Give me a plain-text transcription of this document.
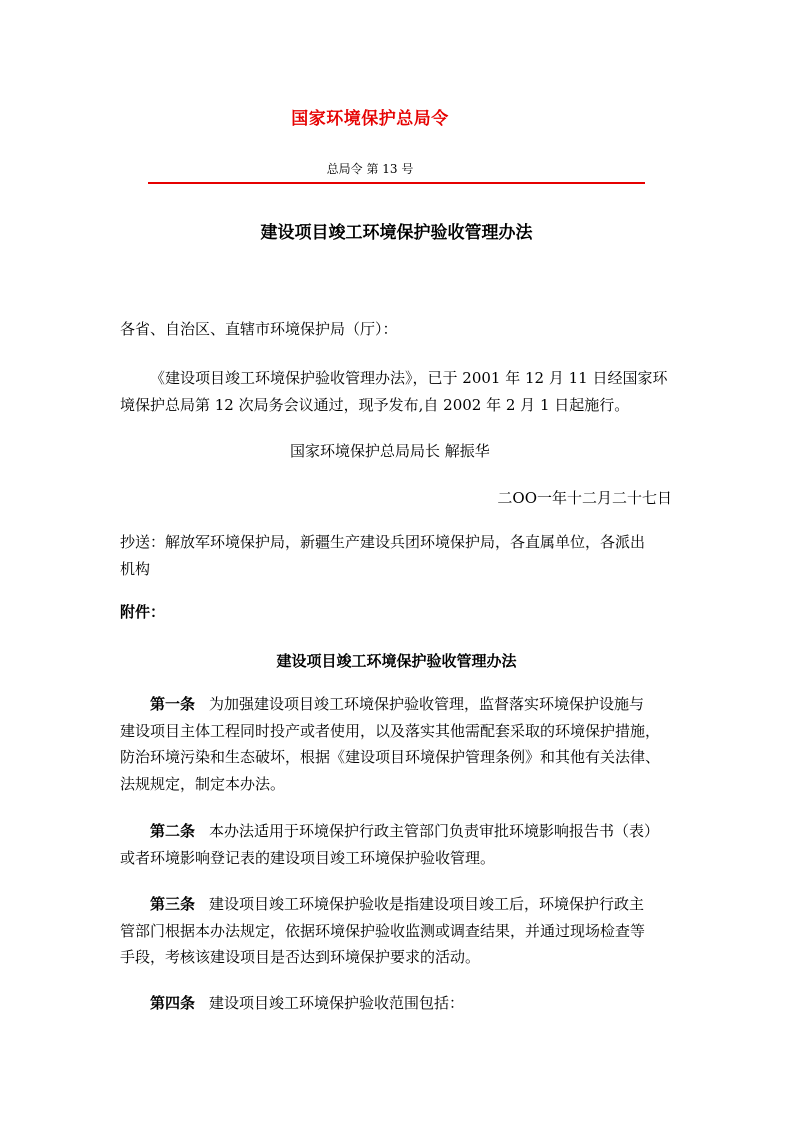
国家环境保护总局令
总局令 第 13 号
建设项目竣工环境保护验收管理办法
各省、自治区、直辖市环境保护局（厅）：
《建设项目竣工环境保护验收管理办法》，已于 2001 年 12 月 11 日经国家环
境保护总局第 12 次局务会议通过，现予发布,自 2002 年 2 月 1 日起施行。
国家环境保护总局局长 解振华
二OO一年十二月二十七日
抄送：解放军环境保护局，新疆生产建设兵团环境保护局，各直属单位，各派出
机构
附件：
建设项目竣工环境保护验收管理办法
第一条 为加强建设项目竣工环境保护验收管理，监督落实环境保护设施与
建设项目主体工程同时投产或者使用，以及落实其他需配套采取的环境保护措施，
防治环境污染和生态破坏，根据《建设项目环境保护管理条例》和其他有关法律、
法规规定，制定本办法。
第二条 本办法适用于环境保护行政主管部门负责审批环境影响报告书（表）
或者环境影响登记表的建设项目竣工环境保护验收管理。
第三条 建设项目竣工环境保护验收是指建设项目竣工后，环境保护行政主
管部门根据本办法规定，依据环境保护验收监测或调查结果，并通过现场检查等
手段，考核该建设项目是否达到环境保护要求的活动。
第四条 建设项目竣工环境保护验收范围包括：
